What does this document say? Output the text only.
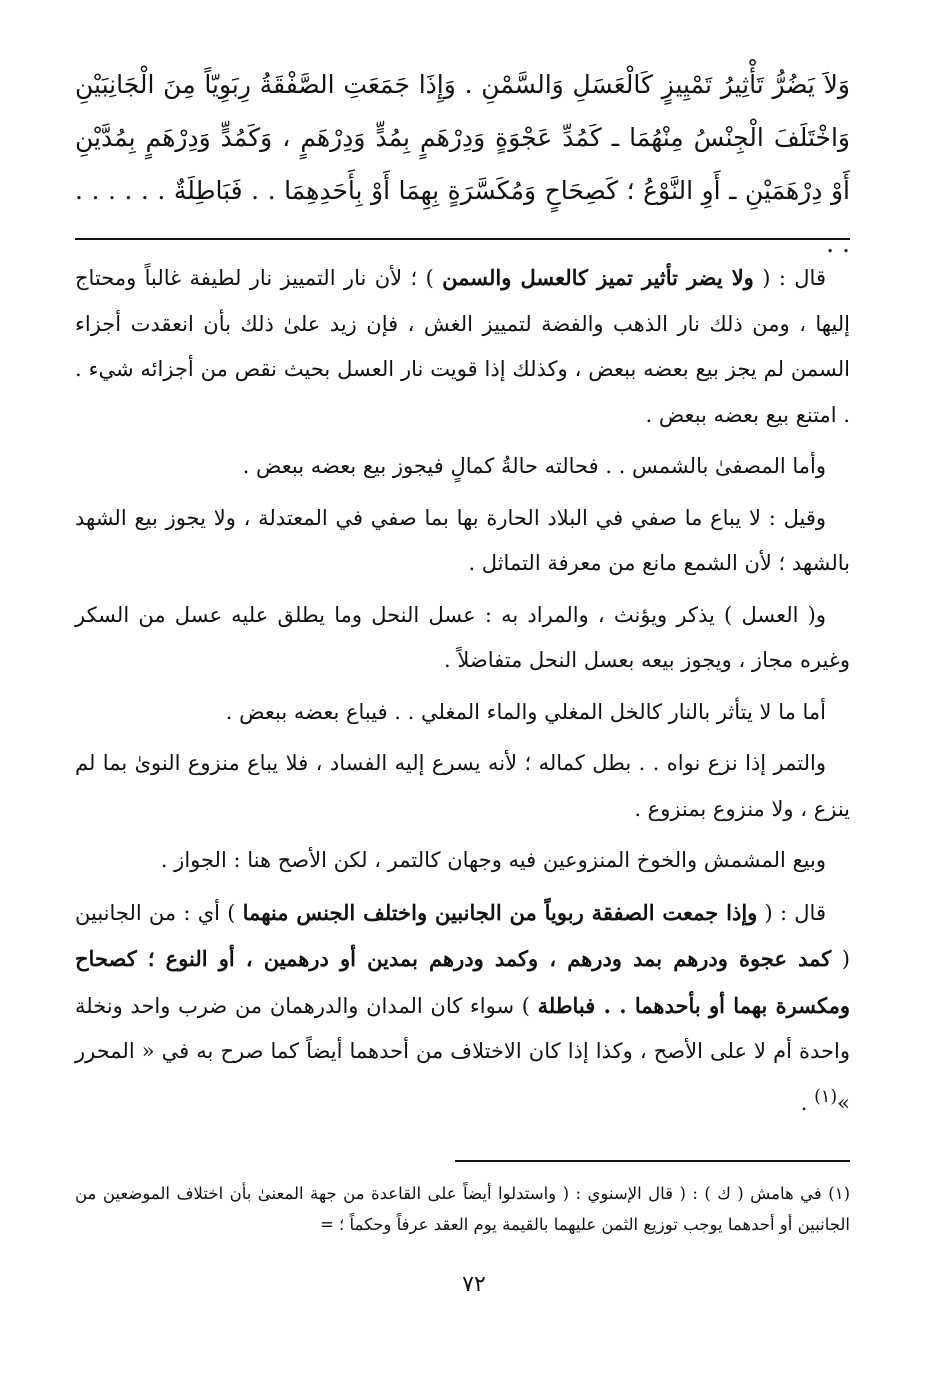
وَلاَ يَضُرُّ تَأْثِيرُ تَمْيِيزٍ كَالْعَسَلِ وَالسَّمْنِ . وَإِذَا جَمَعَتِ الصَّفْقَةُ رِبَوِيّاً مِنَ الْجَانِبَيْنِ وَاخْتَلَفَ الْجِنْسُ مِنْهُمَا ـ كَمُدِّ عَجْوَةٍ وَدِرْهَمٍ بِمُدٍّ وَدِرْهَمٍ ، وَكَمُدٍّ وَدِرْهَمٍ بِمُدَّيْنِ أَوْ دِرْهَمَيْنِ ـ أَوِ النَّوْعُ ؛ كَصِحَاحٍ وَمُكَسَّرَةٍ بِهِمَا أَوْ بِأَحَدِهِمَا . . فَبَاطِلَةٌ . . . . . . . .

قال : ( ولا يضر تأثير تميز كالعسل والسمن ) ؛ لأن نار التمييز نار لطيفة غالباً ومحتاج إليها ، ومن ذلك نار الذهب والفضة لتمييز الغش ، فإن زيد علىٰ ذلك بأن انعقدت أجزاء السمن لم يجز بيع بعضه ببعض ، وكذلك إذا قويت نار العسل بحيث نقص من أجزائه شيء . . امتنع بيع بعضه ببعض .

وأما المصفىٰ بالشمس . . فحالته حالةُ كمالٍ فيجوز بيع بعضه ببعض .

وقيل : لا يباع ما صفي في البلاد الحارة بها بما صفي في المعتدلة ، ولا يجوز بيع الشهد بالشهد ؛ لأن الشمع مانع من معرفة التماثل .

و( العسل ) يذكر ويؤنث ، والمراد به : عسل النحل وما يطلق عليه عسل من السكر وغيره مجاز ، ويجوز بيعه بعسل النحل متفاضلاً .

أما ما لا يتأثر بالنار كالخل المغلي والماء المغلي . . فيباع بعضه ببعض .

والتمر إذا نزع نواه . . بطل كماله ؛ لأنه يسرع إليه الفساد ، فلا يباع منزوع النوىٰ بما لم ينزع ، ولا منزوع بمنزوع .

وبيع المشمش والخوخ المنزوعين فيه وجهان كالتمر ، لكن الأصح هنا : الجواز .

قال : ( وإذا جمعت الصفقة ربوياً من الجانبين واختلف الجنس منهما ) أي : من الجانبين ( كمد عجوة ودرهم بمد ودرهم ، وكمد ودرهم بمدين أو درهمين ، أو النوع ؛ كصحاح ومكسرة بهما أو بأحدهما . . فباطلة ) سواء كان المدان والدرهمان من ضرب واحد ونخلة واحدة أم لا على الأصح ، وكذا إذا كان الاختلاف من أحدهما أيضاً كما صرح به في « المحرر »$^{(١)}$ .

(١) في هامش ( ك ) : ( قال الإسنوي : ( واستدلوا أيضاً على القاعدة من جهة المعنىٰ بأن اختلاف الموضعين من الجانبين أو أحدهما يوجب توزيع الثمن عليهما بالقيمة يوم العقد عرفاً وحكماً ؛ =

٧٢
